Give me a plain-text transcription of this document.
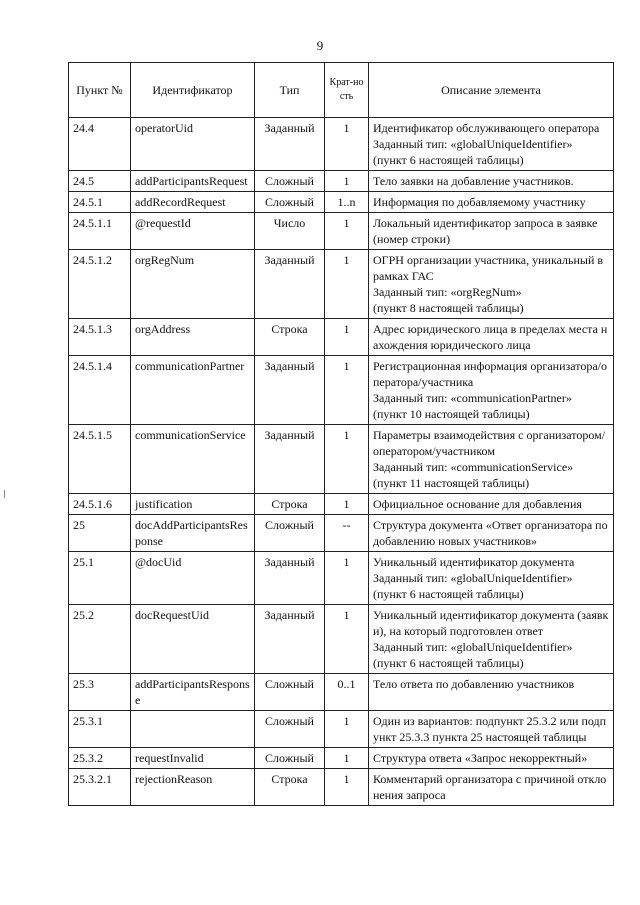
9
Пункт №	Идентификатор	Тип	Крат-ность	Описание элемента
24.4	operatorUid	Заданный	1	Идентификатор обслуживающего оператора
Заданный тип: «globalUniqueIdentifier»
(пункт 6 настоящей таблицы)

24.5	addParticipantsRequest	Сложный	1	Тело заявки на добавление участников.

24.5.1	addRecordRequest	Сложный	1..n	Информация по добавляемому участнику

24.5.1.1	@requestId	Число	1	Локальный идентификатор запроса в заявке (номер строки)

24.5.1.2	orgRegNum	Заданный	1	ОГРН организации участника, уникальный в рамках ГАС
Заданный тип: «orgRegNum»
(пункт 8 настоящей таблицы)

24.5.1.3	orgAddress	Строка	1	Адрес юридического лица в пределах места нахождения юридического лица

24.5.1.4	communicationPartner	Заданный	1	Регистрационная информация организатора/оператора/участника
Заданный тип: «communicationPartner»
(пункт 10 настоящей таблицы)

24.5.1.5	communicationService	Заданный	1	Параметры взаимодействия с организатором/оператором/участником
Заданный тип: «communicationService»
(пункт 11 настоящей таблицы)

24.5.1.6	justification	Строка	1	Официальное основание для добавления

25	docAddParticipantsResponse	Сложный	--	Структура документа «Ответ организатора по добавлению новых участников»

25.1	@docUid	Заданный	1	Уникальный идентификатор документа
Заданный тип: «globalUniqueIdentifier»
(пункт 6 настоящей таблицы)

25.2	docRequestUid	Заданный	1	Уникальный идентификатор документа (заявки), на который подготовлен ответ
Заданный тип: «globalUniqueIdentifier»
(пункт 6 настоящей таблицы)

25.3	addParticipantsResponse	Сложный	0..1	Тело ответа по добавлению участников

25.3.1		Сложный	1	Один из вариантов: подпункт 25.3.2 или подпункт 25.3.3 пункта 25 настоящей таблицы

25.3.2	requestInvalid	Сложный	1	Структура ответа «Запрос некорректный»

25.3.2.1	rejectionReason	Строка	1	Комментарий организатора с причиной отклонения запроса
